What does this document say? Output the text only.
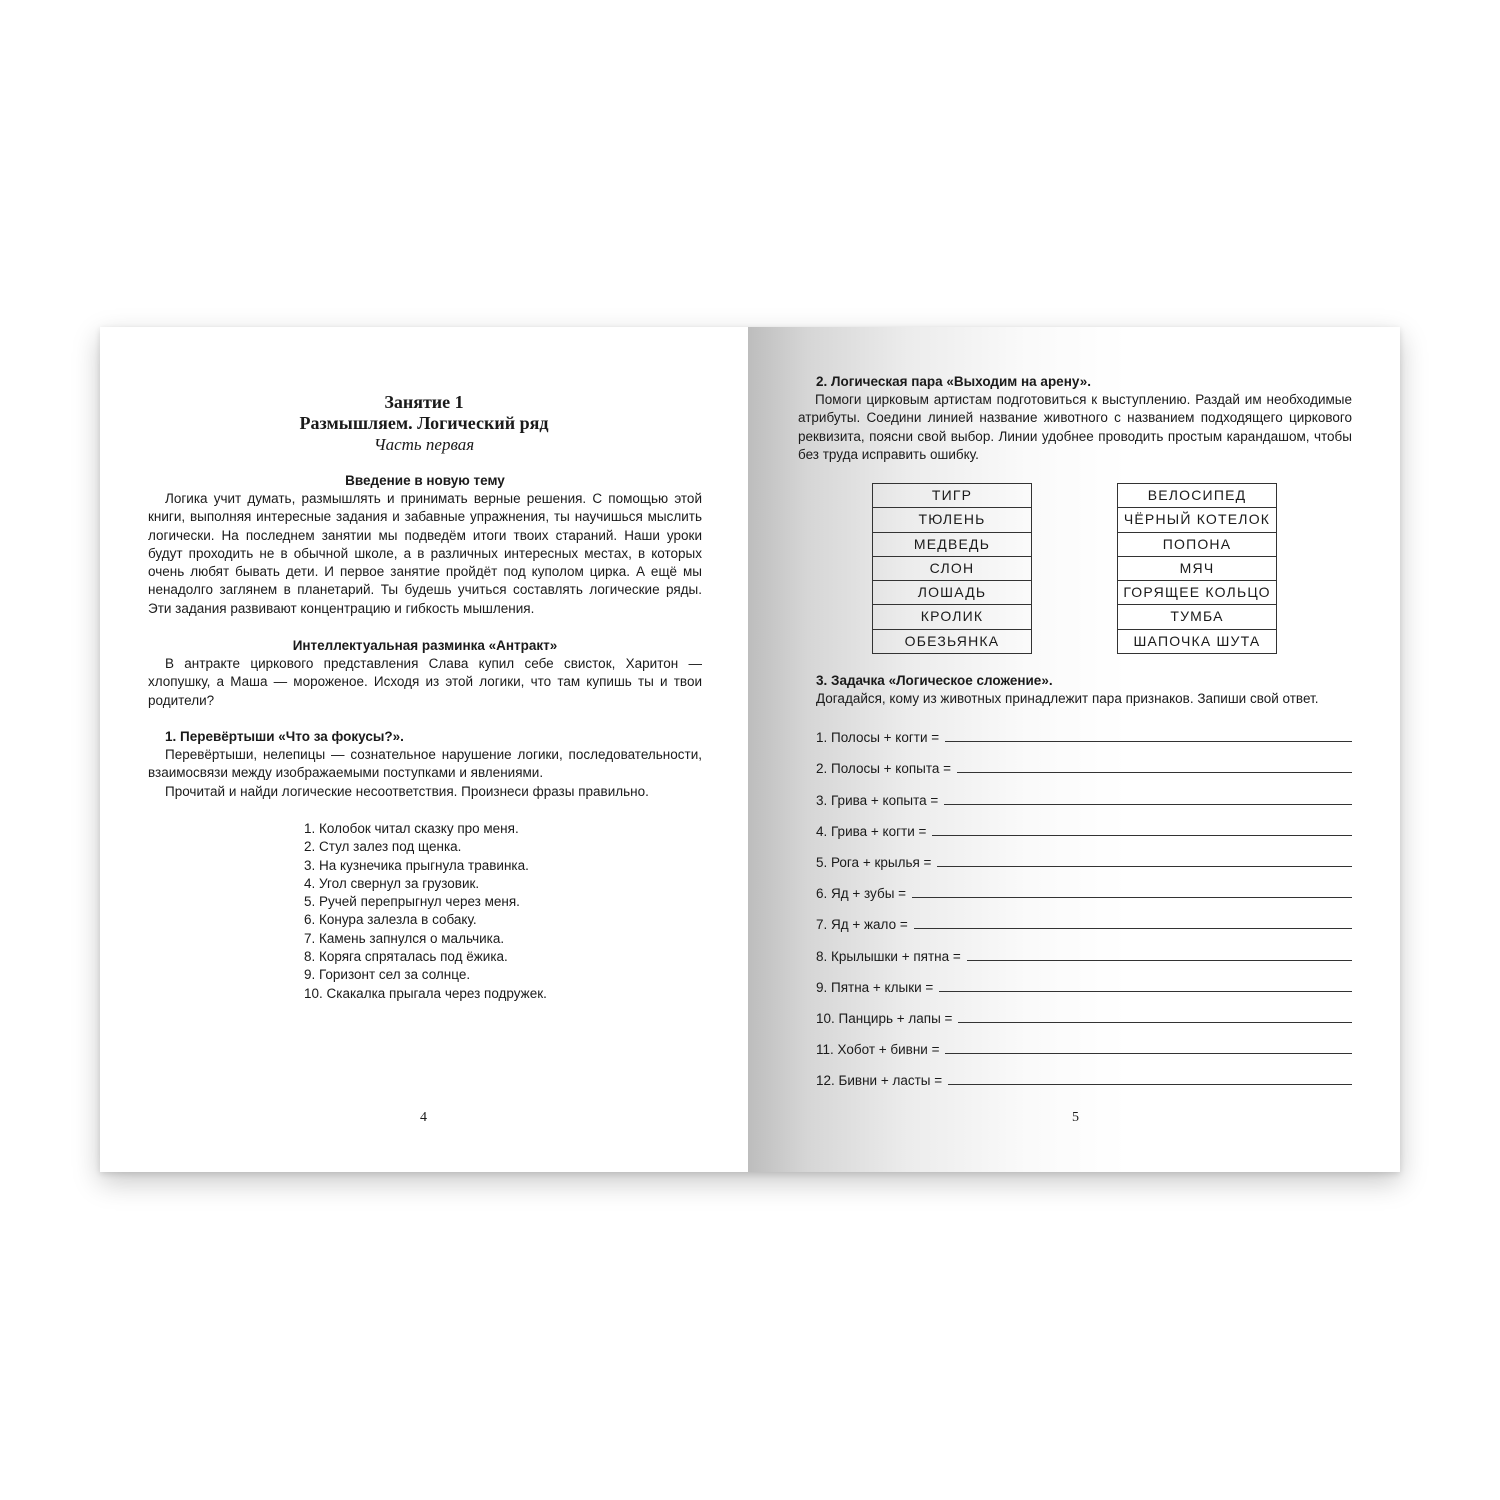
Занятие 1
Размышляем. Логический ряд
Часть первая
Введение в новую тему
Логика учит думать, размышлять и принимать верные решения. С помощью этой книги, выполняя интересные задания и забавные упражнения, ты научишься мыслить логически. На последнем занятии мы подведём итоги твоих стараний. Наши уроки будут проходить не в обычной школе, а в различных интересных местах, в которых очень любят бывать дети. И первое занятие пройдёт под куполом цирка. А ещё мы ненадолго заглянем в планетарий. Ты будешь учиться составлять логические ряды. Эти задания развивают концентрацию и гибкость мышления.
Интеллектуальная разминка «Антракт»
В антракте циркового представления Слава купил себе свисток, Харитон — хлопушку, а Маша — мороженое. Исходя из этой логики, что там купишь ты и твои родители?
1. Перевёртыши «Что за фокусы?».
Перевёртыши, нелепицы — сознательное нарушение логики, последовательности, взаимосвязи между изображаемыми поступками и явлениями.
Прочитай и найди логические несоответствия. Произнеси фразы правильно.
1. Колобок читал сказку про меня.
2. Стул залез под щенка.
3. На кузнечика прыгнула травинка.
4. Угол свернул за грузовик.
5. Ручей перепрыгнул через меня.
6. Конура залезла в собаку.
7. Камень запнулся о мальчика.
8. Коряга спряталась под ёжика.
9. Горизонт сел за солнце.
10. Скакалка прыгала через подружек.
4
2. Логическая пара «Выходим на арену».
Помоги цирковым артистам подготовиться к выступлению. Раздай им необходимые атрибуты. Соедини линией название животного с названием подходящего циркового реквизита, поясни свой выбор. Линии удобнее проводить простым карандашом, чтобы без труда исправить ошибку.
ТИГР
ТЮЛЕНЬ
МЕДВЕДЬ
СЛОН
ЛОШАДЬ
КРОЛИК
ОБЕЗЬЯНКА
ВЕЛОСИПЕД
ЧЁРНЫЙ КОТЕЛОК
ПОПОНА
МЯЧ
ГОРЯЩЕЕ КОЛЬЦО
ТУМБА
ШАПОЧКА ШУТА
3. Задачка «Логическое сложение».
Догадайся, кому из животных принадлежит пара признаков. Запиши свой ответ.
1. Полосы + когти =
2. Полосы + копыта =
3. Грива + копыта =
4. Грива + когти =
5. Рога + крылья =
6. Яд + зубы =
7. Яд + жало =
8. Крылышки + пятна =
9. Пятна + клыки =
10. Панцирь + лапы =
11. Хобот + бивни =
12. Бивни + ласты =
5
